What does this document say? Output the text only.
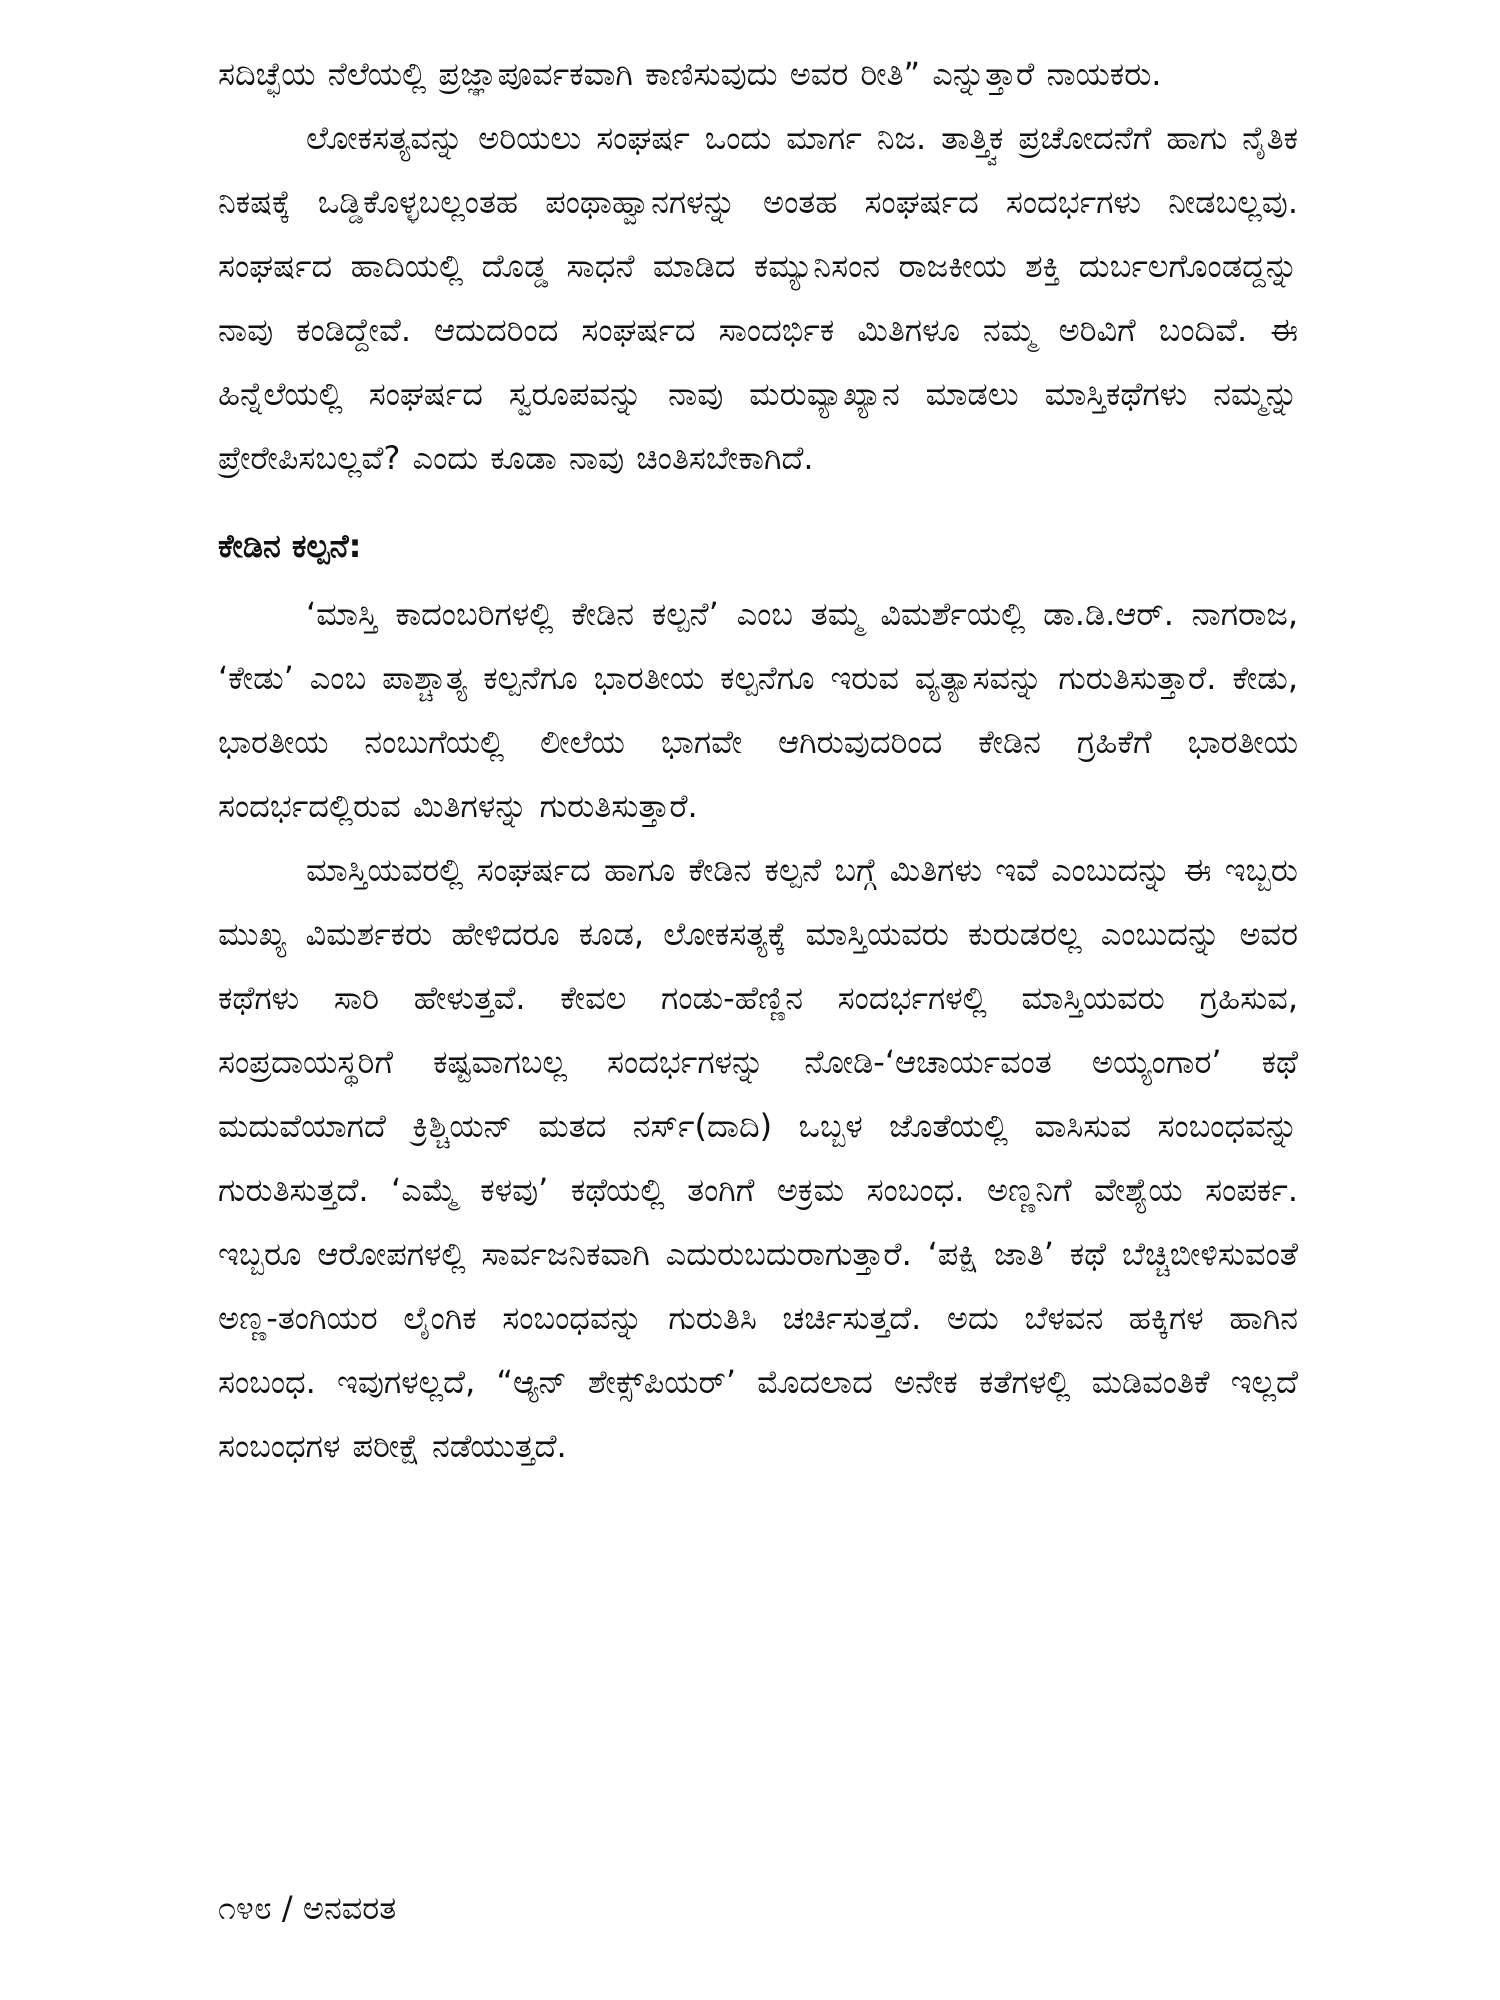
ಸದಿಚ್ಛೆಯ ನೆಲೆಯಲ್ಲಿ ಪ್ರಜ್ಞಾಪೂರ್ವಕವಾಗಿ ಕಾಣಿಸುವುದು ಅವರ ರೀತಿ” ಎನ್ನುತ್ತಾರೆ ನಾಯಕರು.

ಲೋಕಸತ್ಯವನ್ನು ಅರಿಯಲು ಸಂಘರ್ಷ ಒಂದು ಮಾರ್ಗ ನಿಜ. ತಾತ್ತ್ವಿಕ ಪ್ರಚೋದನೆಗೆ ಹಾಗು ನೈತಿಕ ನಿಕಷಕ್ಕೆ ಒಡ್ಡಿಕೊಳ್ಳಬಲ್ಲಂತಹ ಪಂಥಾಹ್ವಾನಗಳನ್ನು ಅಂತಹ ಸಂಘರ್ಷದ ಸಂದರ್ಭಗಳು ನೀಡಬಲ್ಲವು. ಸಂಘರ್ಷದ ಹಾದಿಯಲ್ಲಿ ದೊಡ್ಡ ಸಾಧನೆ ಮಾಡಿದ ಕಮ್ಯುನಿಸಂನ ರಾಜಕೀಯ ಶಕ್ತಿ ದುರ್ಬಲಗೊಂಡದ್ದನ್ನು ನಾವು ಕಂಡಿದ್ದೇವೆ. ಆದುದರಿಂದ ಸಂಘರ್ಷದ ಸಾಂದರ್ಭಿಕ ಮಿತಿಗಳೂ ನಮ್ಮ ಅರಿವಿಗೆ ಬಂದಿವೆ. ಈ ಹಿನ್ನೆಲೆಯಲ್ಲಿ ಸಂಘರ್ಷದ ಸ್ವರೂಪವನ್ನು ನಾವು ಮರುವ್ಯಾಖ್ಯಾನ ಮಾಡಲು ಮಾಸ್ತಿಕಥೆಗಳು ನಮ್ಮನ್ನು ಪ್ರೇರೇಪಿಸಬಲ್ಲವೆ? ಎಂದು ಕೂಡಾ ನಾವು ಚಿಂತಿಸಬೇಕಾಗಿದೆ.

ಕೇಡಿನ ಕಲ್ಪನೆ:

‘ಮಾಸ್ತಿ ಕಾದಂಬರಿಗಳಲ್ಲಿ ಕೇಡಿನ ಕಲ್ಪನೆ’ ಎಂಬ ತಮ್ಮ ವಿಮರ್ಶೆಯಲ್ಲಿ ಡಾ.ಡಿ.ಆರ್. ನಾಗರಾಜ, ‘ಕೇಡು’ ಎಂಬ ಪಾಶ್ಚಾತ್ಯ ಕಲ್ಪನೆಗೂ ಭಾರತೀಯ ಕಲ್ಪನೆಗೂ ಇರುವ ವ್ಯತ್ಯಾಸವನ್ನು ಗುರುತಿಸುತ್ತಾರೆ. ಕೇಡು, ಭಾರತೀಯ ನಂಬುಗೆಯಲ್ಲಿ ಲೀಲೆಯ ಭಾಗವೇ ಆಗಿರುವುದರಿಂದ ಕೇಡಿನ ಗ್ರಹಿಕೆಗೆ ಭಾರತೀಯ ಸಂದರ್ಭದಲ್ಲಿರುವ ಮಿತಿಗಳನ್ನು ಗುರುತಿಸುತ್ತಾರೆ.

ಮಾಸ್ತಿಯವರಲ್ಲಿ ಸಂಘರ್ಷದ ಹಾಗೂ ಕೇಡಿನ ಕಲ್ಪನೆ ಬಗ್ಗೆ ಮಿತಿಗಳು ಇವೆ ಎಂಬುದನ್ನು ಈ ಇಬ್ಬರು ಮುಖ್ಯ ವಿಮರ್ಶಕರು ಹೇಳಿದರೂ ಕೂಡ, ಲೋಕಸತ್ಯಕ್ಕೆ ಮಾಸ್ತಿಯವರು ಕುರುಡರಲ್ಲ ಎಂಬುದನ್ನು ಅವರ ಕಥೆಗಳು ಸಾರಿ ಹೇಳುತ್ತವೆ. ಕೇವಲ ಗಂಡು-ಹೆಣ್ಣಿನ ಸಂದರ್ಭಗಳಲ್ಲಿ ಮಾಸ್ತಿಯವರು ಗ್ರಹಿಸುವ, ಸಂಪ್ರದಾಯಸ್ಥರಿಗೆ ಕಷ್ಟವಾಗಬಲ್ಲ ಸಂದರ್ಭಗಳನ್ನು ನೋಡಿ-‘ಆಚಾರ್ಯವಂತ ಅಯ್ಯಂಗಾರ’ ಕಥೆ ಮದುವೆಯಾಗದೆ ಕ್ರಿಶ್ಚಿಯನ್ ಮತದ ನರ್ಸ್(ದಾದಿ) ಒಬ್ಬಳ ಜೊತೆಯಲ್ಲಿ ವಾಸಿಸುವ ಸಂಬಂಧವನ್ನು ಗುರುತಿಸುತ್ತದೆ. ‘ಎಮ್ಮೆ ಕಳವು’ ಕಥೆಯಲ್ಲಿ ತಂಗಿಗೆ ಅಕ್ರಮ ಸಂಬಂಧ. ಅಣ್ಣನಿಗೆ ವೇಶ್ಯೆಯ ಸಂಪರ್ಕ. ಇಬ್ಬರೂ ಆರೋಪಗಳಲ್ಲಿ ಸಾರ್ವಜನಿಕವಾಗಿ ಎದುರುಬದುರಾಗುತ್ತಾರೆ. ‘ಪಕ್ಷಿ ಜಾತಿ’ ಕಥೆ ಬೆಚ್ಚಿಬೀಳಿಸುವಂತೆ ಅಣ್ಣ-ತಂಗಿಯರ ಲೈಂಗಿಕ ಸಂಬಂಧವನ್ನು ಗುರುತಿಸಿ ಚರ್ಚಿಸುತ್ತದೆ. ಅದು ಬೆಳವನ ಹಕ್ಕಿಗಳ ಹಾಗಿನ ಸಂಬಂಧ. ಇವುಗಳಲ್ಲದೆ, “ಆ್ಯನ್ ಶೇಕ್ಸ್‌ಪಿಯರ್’ ಮೊದಲಾದ ಅನೇಕ ಕತೆಗಳಲ್ಲಿ ಮಡಿವಂತಿಕೆ ಇಲ್ಲದೆ ಸಂಬಂಧಗಳ ಪರೀಕ್ಷೆ ನಡೆಯುತ್ತದೆ.

೧೪೮ / ಅನವರತ
